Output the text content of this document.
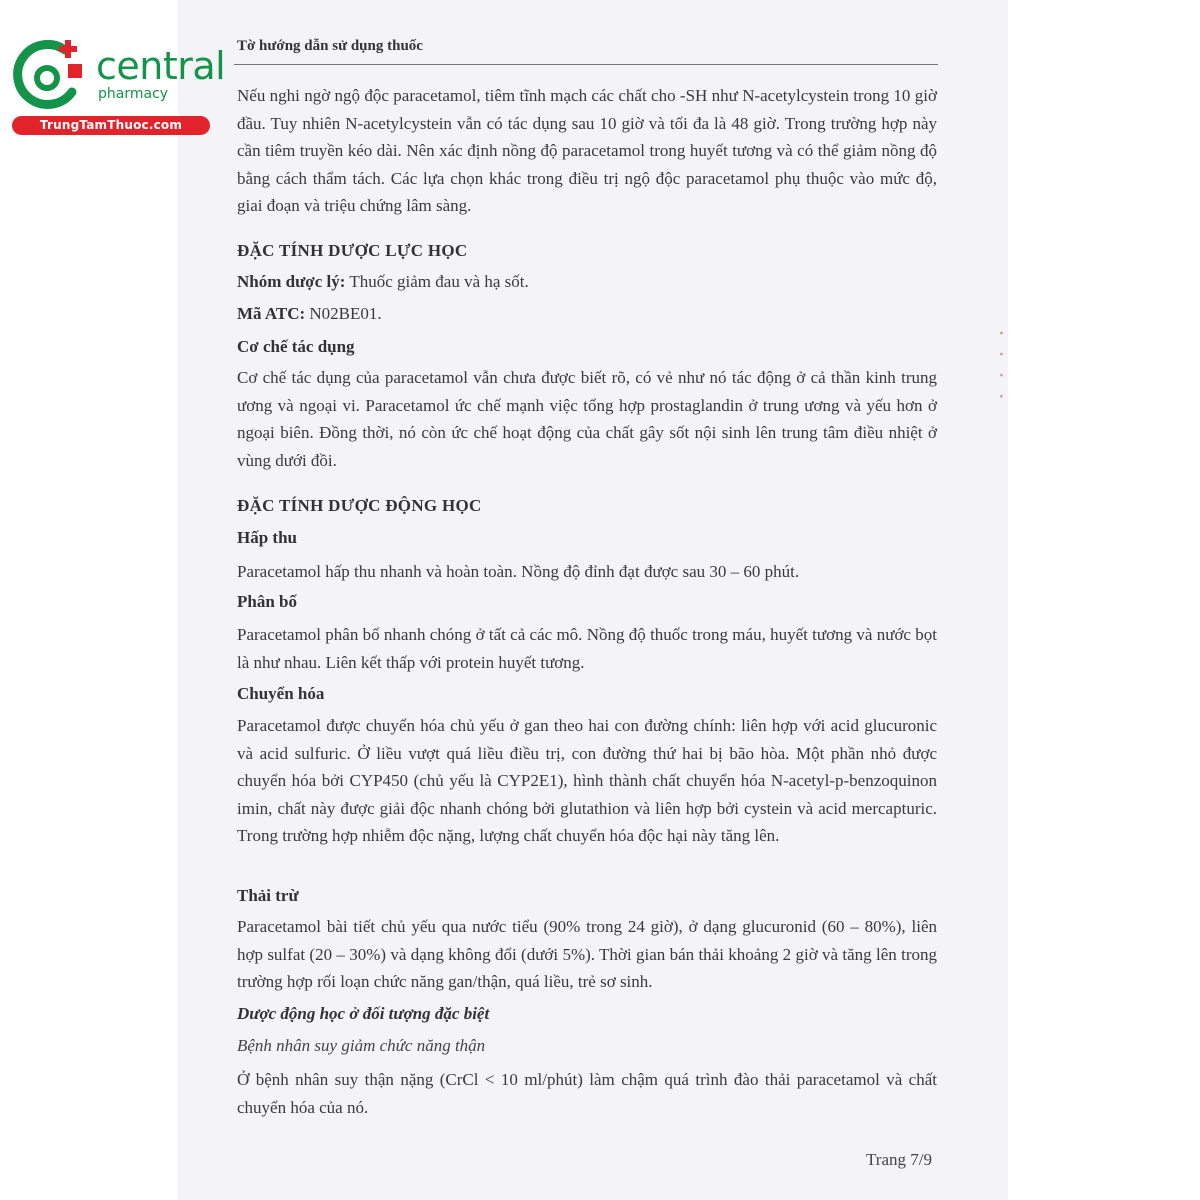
central
pharmacy
TrungTamThuoc.com
Tờ hướng dẫn sử dụng thuốc
• • • •
Nếu nghi ngờ ngộ độc paracetamol, tiêm tĩnh mạch các chất cho -SH như N-acetylcystein trong 10 giờ đầu. Tuy nhiên N-acetylcystein vẫn có tác dụng sau 10 giờ và tối đa là 48 giờ. Trong trường hợp này cần tiêm truyền kéo dài. Nên xác định nồng độ paracetamol trong huyết tương và có thể giảm nồng độ bằng cách thẩm tách. Các lựa chọn khác trong điều trị ngộ độc paracetamol phụ thuộc vào mức độ, giai đoạn và triệu chứng lâm sàng.
ĐẶC TÍNH DƯỢC LỰC HỌC
Nhóm dược lý: Thuốc giảm đau và hạ sốt.
Mã ATC: N02BE01.
Cơ chế tác dụng
Cơ chế tác dụng của paracetamol vẫn chưa được biết rõ, có vẻ như nó tác động ở cả thần kinh trung ương và ngoại vi. Paracetamol ức chế mạnh việc tổng hợp prostaglandin ở trung ương và yếu hơn ở ngoại biên. Đồng thời, nó còn ức chế hoạt động của chất gây sốt nội sinh lên trung tâm điều nhiệt ở vùng dưới đồi.
ĐẶC TÍNH DƯỢC ĐỘNG HỌC
Hấp thu
Paracetamol hấp thu nhanh và hoàn toàn. Nồng độ đỉnh đạt được sau 30 – 60 phút.
Phân bố
Paracetamol phân bố nhanh chóng ở tất cả các mô. Nồng độ thuốc trong máu, huyết tương và nước bọt là như nhau. Liên kết thấp với protein huyết tương.
Chuyển hóa
Paracetamol được chuyển hóa chủ yếu ở gan theo hai con đường chính: liên hợp với acid glucuronic và acid sulfuric. Ở liều vượt quá liều điều trị, con đường thứ hai bị bão hòa. Một phần nhỏ được chuyển hóa bởi CYP450 (chủ yếu là CYP2E1), hình thành chất chuyển hóa N-acetyl-p-benzoquinon imin, chất này được giải độc nhanh chóng bởi glutathion và liên hợp bởi cystein và acid mercapturic. Trong trường hợp nhiễm độc nặng, lượng chất chuyển hóa độc hại này tăng lên.
Thải trừ
Paracetamol bài tiết chủ yếu qua nước tiểu (90% trong 24 giờ), ở dạng glucuronid (60 – 80%), liên hợp sulfat (20 – 30%) và dạng không đổi (dưới 5%). Thời gian bán thải khoảng 2 giờ và tăng lên trong trường hợp rối loạn chức năng gan/thận, quá liều, trẻ sơ sinh.
Dược động học ở đối tượng đặc biệt
Bệnh nhân suy giảm chức năng thận
Ở bệnh nhân suy thận nặng (CrCl < 10 ml/phút) làm chậm quá trình đào thải paracetamol và chất chuyển hóa của nó.
Trang 7/9
